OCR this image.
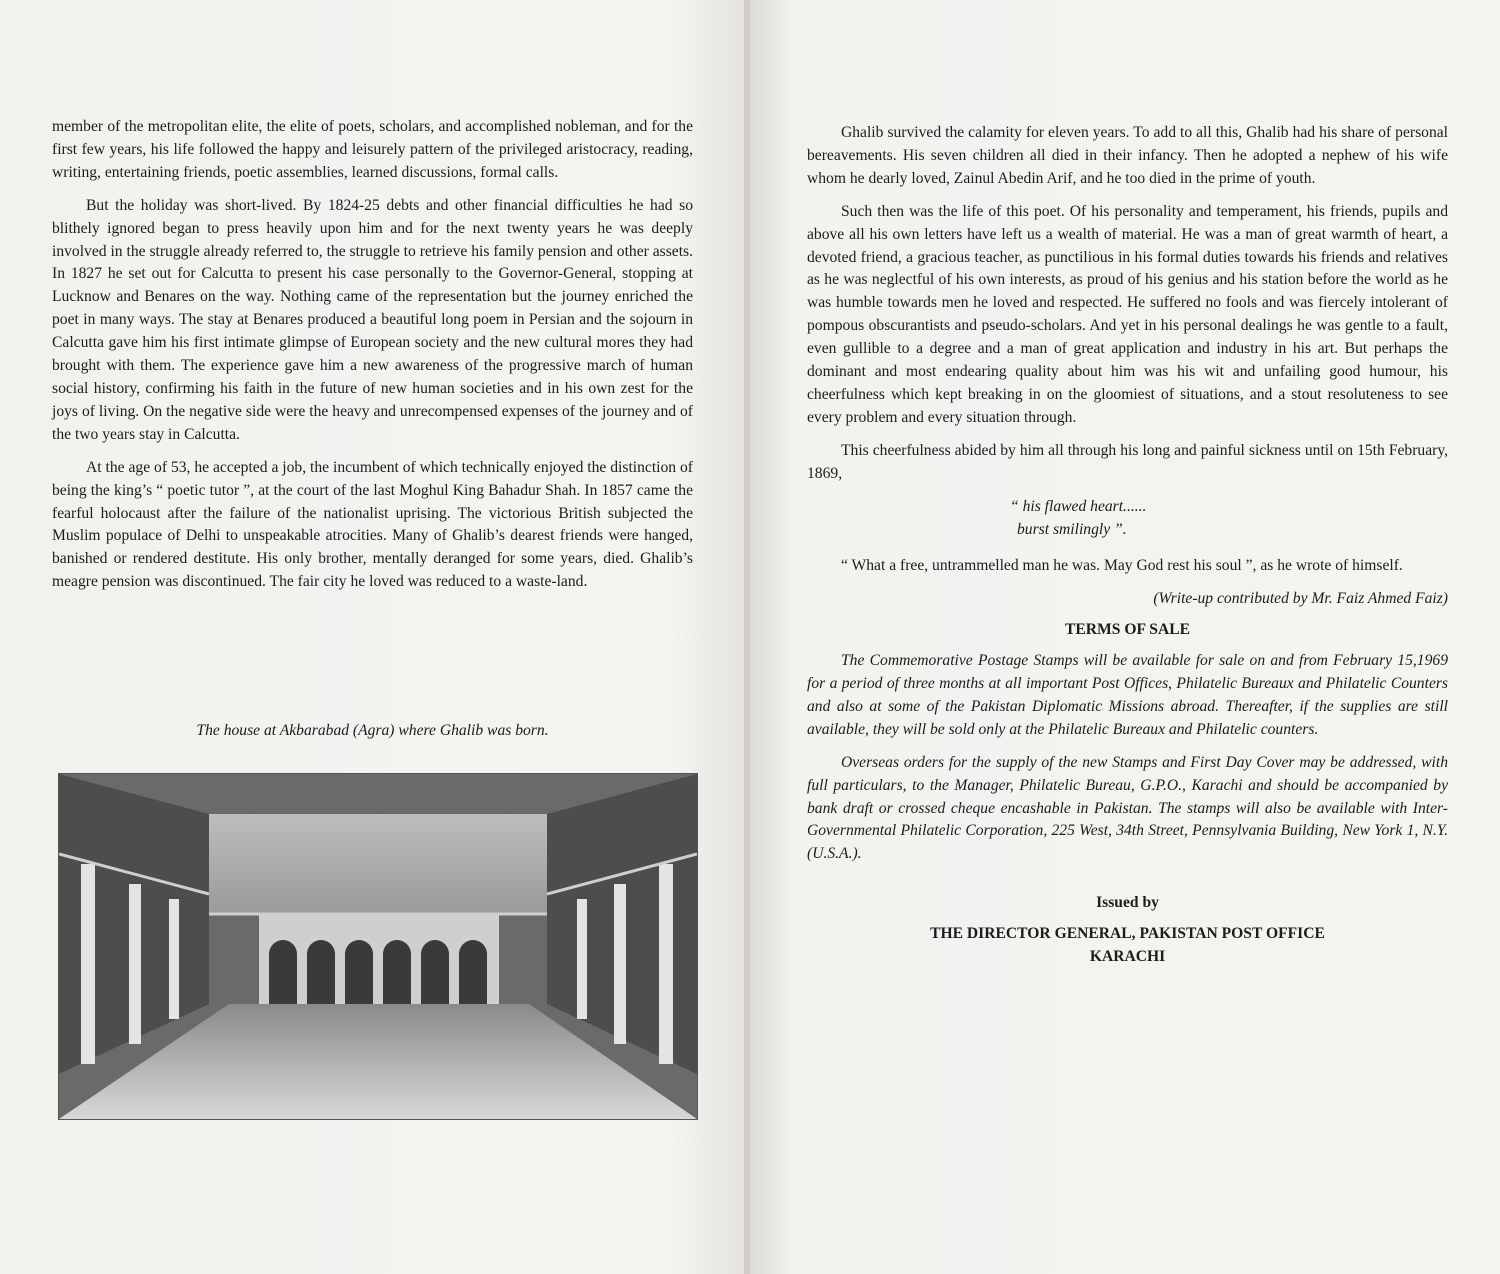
member of the metropolitan elite, the elite of poets, scholars, and accomplished nobleman, and for the first few years, his life followed the happy and leisurely pattern of the privileged aristocracy, reading, writing, entertaining friends, poetic assemblies, learned discussions, formal calls.

But the holiday was short-lived. By 1824-25 debts and other financial difficulties he had so blithely ignored began to press heavily upon him and for the next twenty years he was deeply involved in the struggle already referred to, the struggle to retrieve his family pension and other assets. In 1827 he set out for Calcutta to present his case personally to the Governor-General, stopping at Lucknow and Benares on the way. Nothing came of the representation but the journey enriched the poet in many ways. The stay at Benares produced a beautiful long poem in Persian and the sojourn in Calcutta gave him his first intimate glimpse of European society and the new cultural mores they had brought with them. The experience gave him a new awareness of the progressive march of human social history, confirming his faith in the future of new human societies and in his own zest for the joys of living. On the negative side were the heavy and unrecompensed expenses of the journey and of the two years stay in Calcutta.

At the age of 53, he accepted a job, the incumbent of which technically enjoyed the distinction of being the king’s “ poetic tutor ”, at the court of the last Moghul King Bahadur Shah. In 1857 came the fearful holocaust after the failure of the nationalist uprising. The victorious British subjected the Muslim populace of Delhi to unspeakable atrocities. Many of Ghalib’s dearest friends were hanged, banished or rendered destitute. His only brother, mentally deranged for some years, died. Ghalib’s meagre pension was discontinued. The fair city he loved was reduced to a waste-land.

The house at Akbarabad (Agra) where Ghalib was born.

Ghalib survived the calamity for eleven years. To add to all this, Ghalib had his share of personal bereavements. His seven children all died in their infancy. Then he adopted a nephew of his wife whom he dearly loved, Zainul Abedin Arif, and he too died in the prime of youth.

Such then was the life of this poet. Of his personality and temperament, his friends, pupils and above all his own letters have left us a wealth of material. He was a man of great warmth of heart, a devoted friend, a gracious teacher, as punctilious in his formal duties towards his friends and relatives as he was neglectful of his own interests, as proud of his genius and his station before the world as he was humble towards men he loved and respected. He suffered no fools and was fiercely intolerant of pompous obscurantists and pseudo-scholars. And yet in his personal dealings he was gentle to a fault, even gullible to a degree and a man of great application and industry in his art. But perhaps the dominant and most endearing quality about him was his wit and unfailing good humour, his cheerfulness which kept breaking in on the gloomiest of situations, and a stout resoluteness to see every problem and every situation through.

This cheerfulness abided by him all through his long and painful sickness until on 15th February, 1869,

“ his flawed heart......
burst smilingly ”.

“ What a free, untrammelled man he was. May God rest his soul ”, as he wrote of himself.

(Write-up contributed by Mr. Faiz Ahmed Faiz)

TERMS OF SALE

The Commemorative Postage Stamps will be available for sale on and from February 15,1969 for a period of three months at all important Post Offices, Philatelic Bureaux and Philatelic Counters and also at some of the Pakistan Diplomatic Missions abroad. Thereafter, if the supplies are still available, they will be sold only at the Philatelic Bureaux and Philatelic counters.

Overseas orders for the supply of the new Stamps and First Day Cover may be addressed, with full particulars, to the Manager, Philatelic Bureau, G.P.O., Karachi and should be accompanied by bank draft or crossed cheque encashable in Pakistan. The stamps will also be available with Inter-Governmental Philatelic Corporation, 225 West, 34th Street, Pennsylvania Building, New York 1, N.Y. (U.S.A.).

Issued by

THE DIRECTOR GENERAL, PAKISTAN POST OFFICE

KARACHI
